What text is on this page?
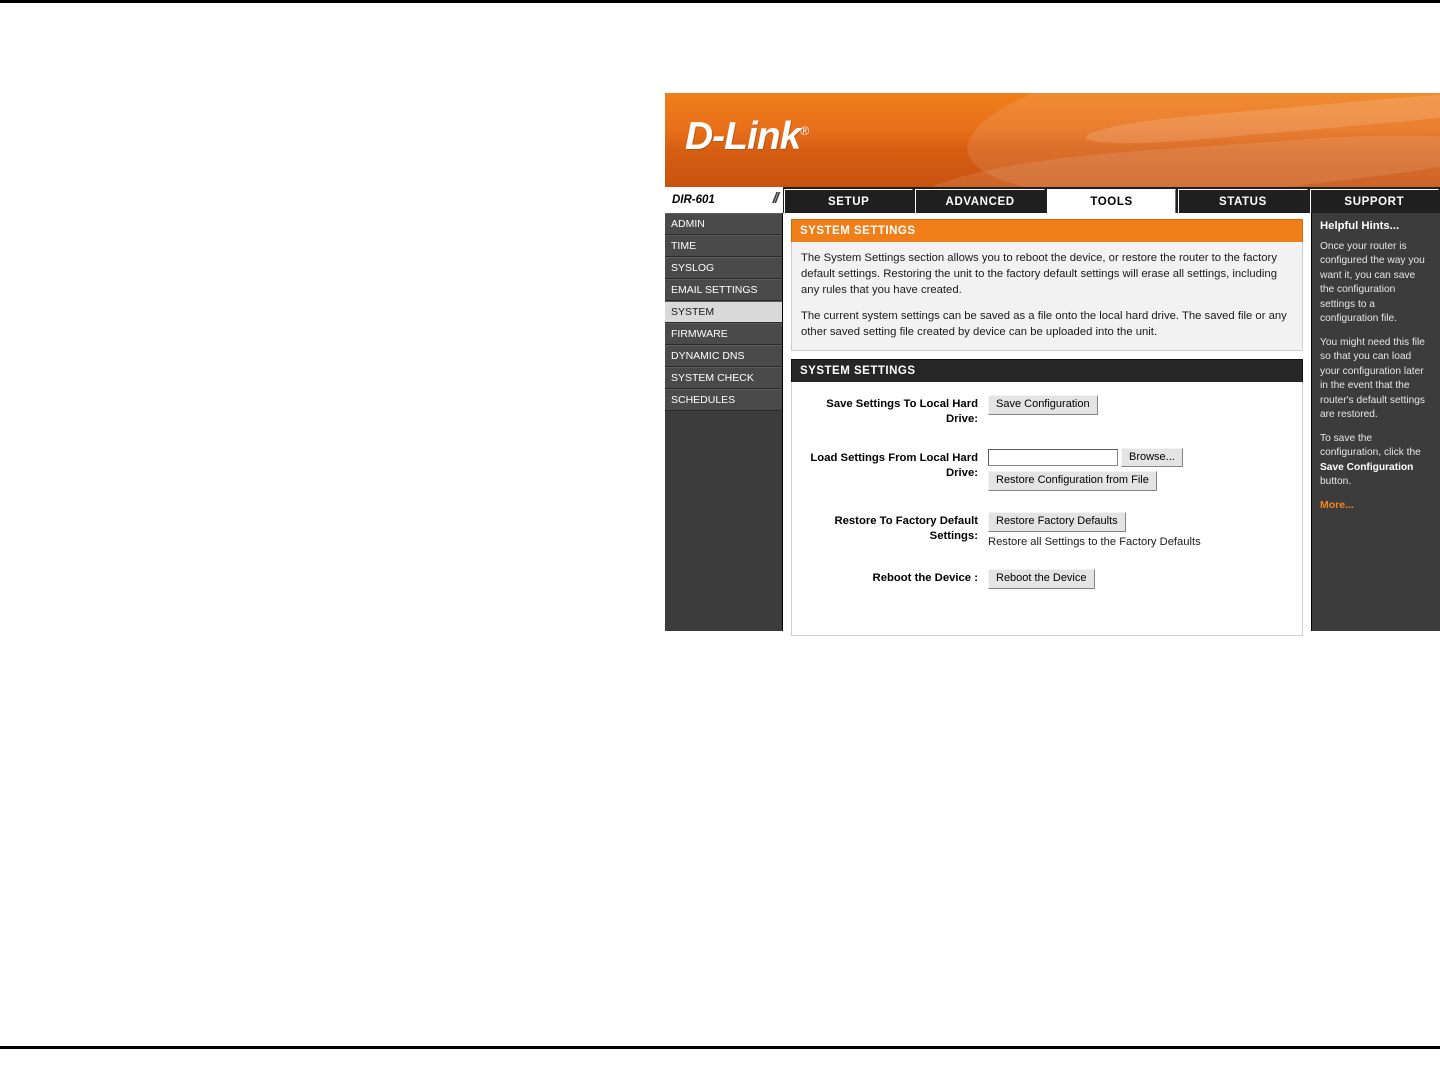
D-Link®
DIR-601	//	SETUP	ADVANCED	TOOLS	STATUS	SUPPORT
ADMIN
TIME
SYSLOG
EMAIL SETTINGS
SYSTEM
FIRMWARE
DYNAMIC DNS
SYSTEM CHECK
SCHEDULES
SYSTEM SETTINGS

The System Settings section allows you to reboot the device, or restore the router to the factory default settings. Restoring the unit to the factory default settings will erase all settings, including any rules that you have created.

The current system settings can be saved as a file onto the local hard drive. The saved file or any other saved setting file created by device can be uploaded into the unit.

SYSTEM SETTINGS
Save Settings To Local Hard Drive:
Save Configuration
Load Settings From Local Hard Drive:
Browse...
Restore Configuration from File
Restore To Factory Default Settings:
Restore Factory Defaults
Restore all Settings to the Factory Defaults
Reboot the Device :	Reboot the Device
Helpful Hints...

Once your router is configured the way you want it, you can save the configuration settings to a configuration file.

You might need this file so that you can load your configuration later in the event that the router's default settings are restored.

To save the configuration, click the Save Configuration button.

More...
